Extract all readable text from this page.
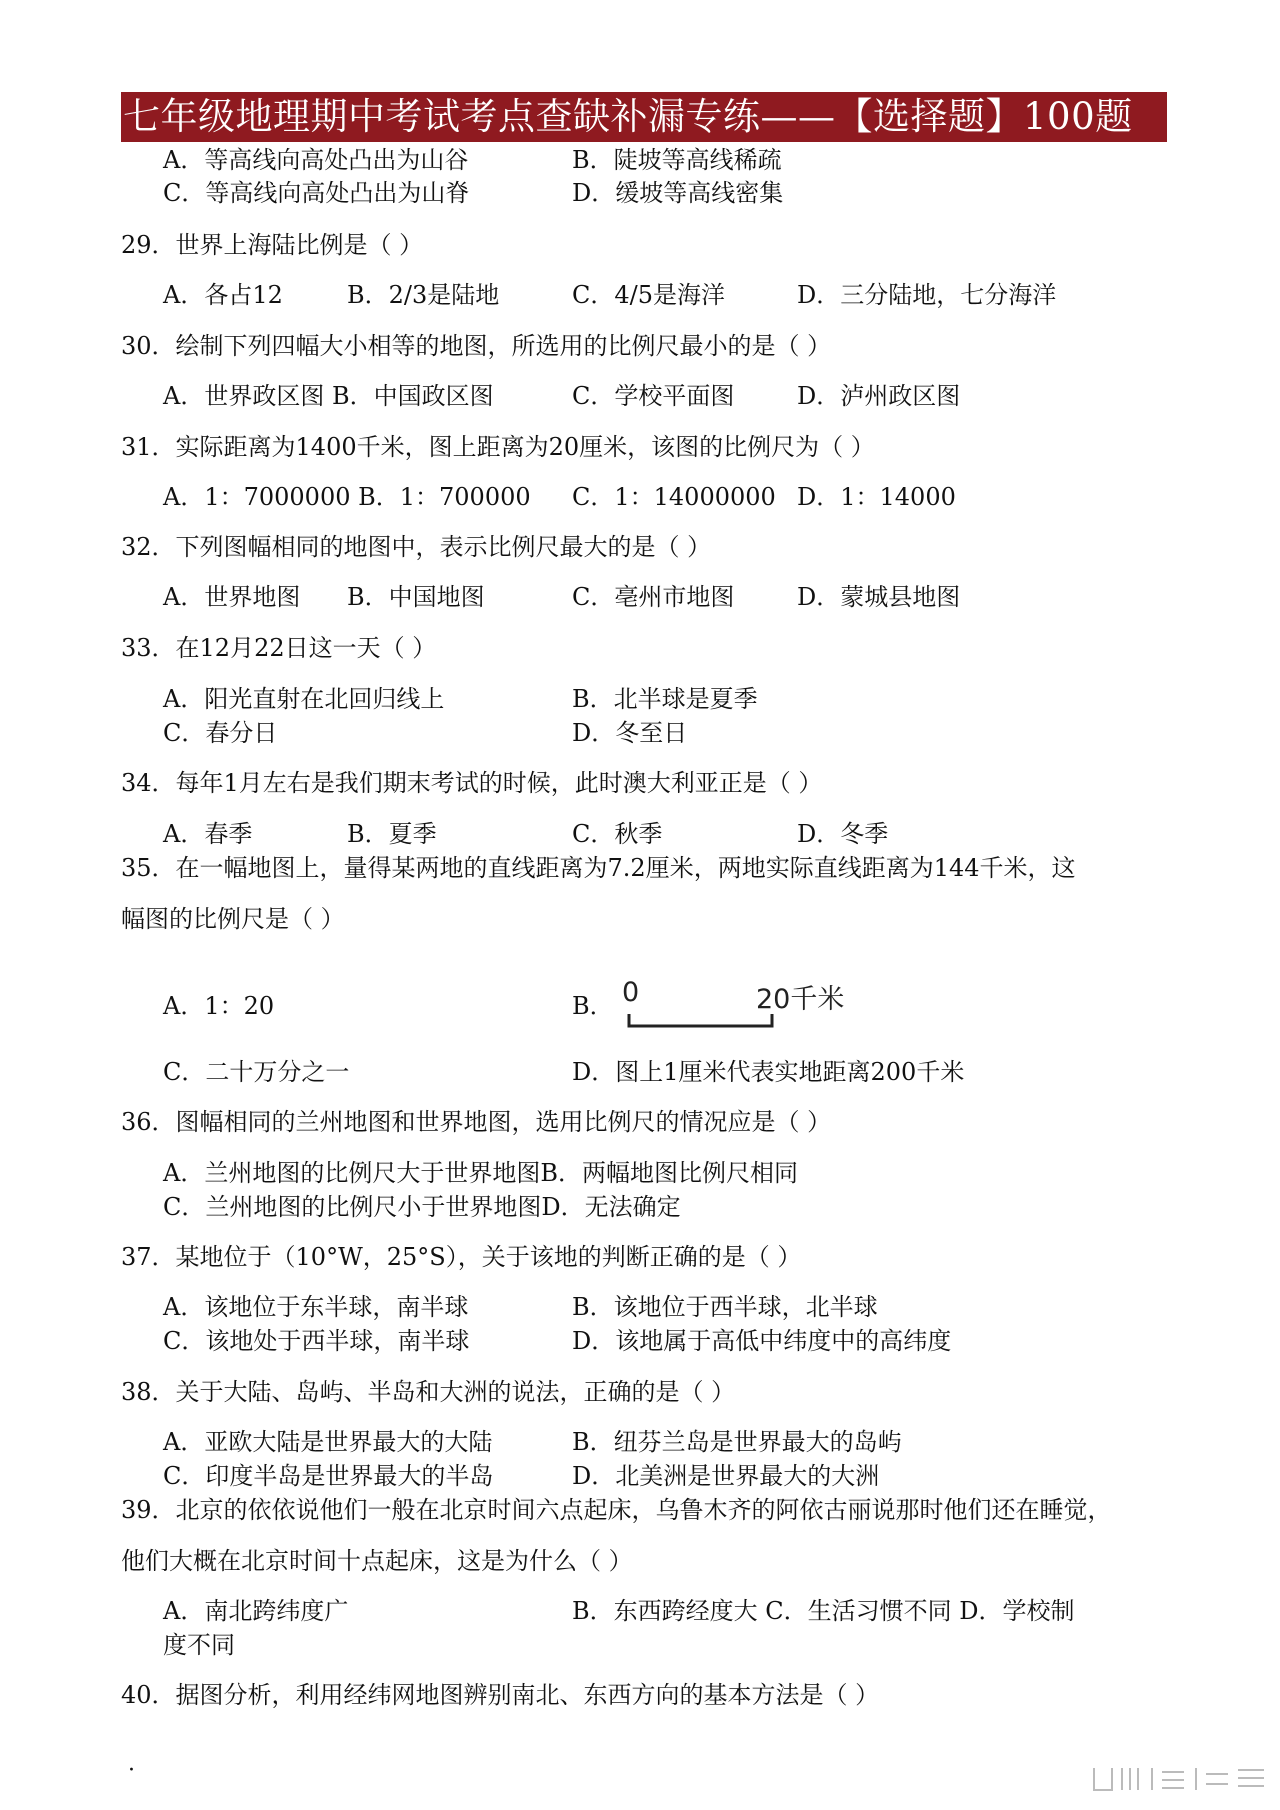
七年级地理期中考试考点查缺补漏专练——【选择题】100题
A．等高线向高处凸出为山谷	B．陡坡等高线稀疏
C．等高线向高处凸出为山脊	D．缓坡等高线密集
29．世界上海陆比例是（ ）
A．各占12	B．2/3是陆地	C．4/5是海洋	D．三分陆地，七分海洋
30．绘制下列四幅大小相等的地图，所选用的比例尺最小的是（ ）
A．世界政区图 B．中国政区图	C．学校平面图	D．泸州政区图
31．实际距离为1400千米，图上距离为20厘米，该图的比例尺为（ ）
A．1：7000000 B．1：700000 C．1：14000000 D．1：14000
32．下列图幅相同的地图中，表示比例尺最大的是（ ）
A．世界地图 B．中国地图	C．亳州市地图	D．蒙城县地图
33．在12月22日这一天（ ）
A．阳光直射在北回归线上	B．北半球是夏季
C．春分日	D．冬至日
34．每年1月左右是我们期末考试的时候，此时澳大利亚正是（ ）
A．春季	B．夏季	C．秋季	D．冬季
35．在一幅地图上，量得某两地的直线距离为7.2厘米，两地实际直线距离为144千米，这
幅图的比例尺是（ ）
A．1：20	B． 0	20千米
C．二十万分之一	D．图上1厘米代表实地距离200千米
36．图幅相同的兰州地图和世界地图，选用比例尺的情况应是（ ）
A．兰州地图的比例尺大于世界地图B．两幅地图比例尺相同
C．兰州地图的比例尺小于世界地图D．无法确定
37．某地位于（10°W，25°S），关于该地的判断正确的是（ ）
A．该地位于东半球，南半球	B．该地位于西半球，北半球
C．该地处于西半球，南半球	D．该地属于高低中纬度中的高纬度
38．关于大陆、岛屿、半岛和大洲的说法，正确的是（ ）
A．亚欧大陆是世界最大的大陆	B．纽芬兰岛是世界最大的岛屿
C．印度半岛是世界最大的半岛	D．北美洲是世界最大的大洲
39．北京的依依说他们一般在北京时间六点起床，乌鲁木齐的阿依古丽说那时他们还在睡觉，
他们大概在北京时间十点起床，这是为什么（ ）
A．南北跨纬度广	B．东西跨经度大 C．生活习惯不同 D．学校制
度不同
40．据图分析，利用经纬网地图辨别南北、东西方向的基本方法是（ ）
·
